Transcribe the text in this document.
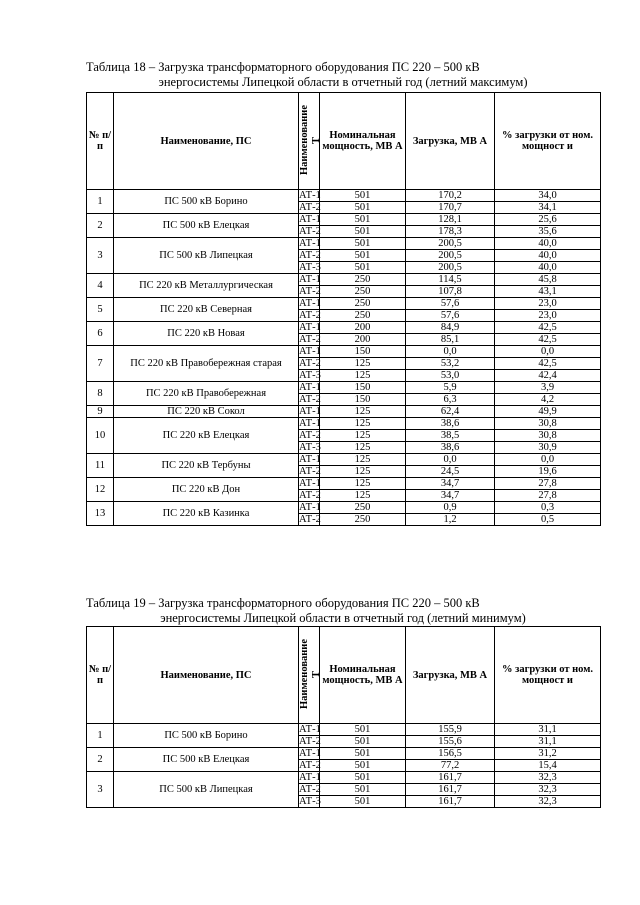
Таблица 18 – Загрузка трансформаторного оборудования ПС 220 – 500 кВ
энергосистемы Липецкой области в отчетный год (летний максимум)
№ п/ п	Наименование, ПС	Наименование Т	Номинальная мощность, МВ А	Загрузка, МВ А	% загрузки от ном. мощност и
1	ПС 500 кВ Борино	АТ-1	501	170,2	34,0
		АТ-2	501	170,7	34,1
2	ПС 500 кВ Елецкая	АТ-1	501	128,1	25,6
		АТ-2	501	178,3	35,6
3	ПС 500 кВ Липецкая	АТ-1	501	200,5	40,0
		АТ-2	501	200,5	40,0
		АТ-3	501	200,5	40,0
4	ПС 220 кВ Металлургическая	АТ-1	250	114,5	45,8
		АТ-2	250	107,8	43,1
5	ПС 220 кВ Северная	АТ-1	250	57,6	23,0
		АТ-2	250	57,6	23,0
6	ПС 220 кВ Новая	АТ-1	200	84,9	42,5
		АТ-2	200	85,1	42,5
7	ПС 220 кВ Правобережная старая	АТ-1	150	0,0	0,0
		АТ-2	125	53,2	42,5
		АТ-3	125	53,0	42,4
8	ПС 220 кВ Правобережная	АТ-1	150	5,9	3,9
		АТ-2	150	6,3	4,2
9	ПС 220 кВ Сокол	АТ-1	125	62,4	49,9
10	ПС 220 кВ Елецкая	АТ-1	125	38,6	30,8
		АТ-2	125	38,5	30,8
		АТ-3	125	38,6	30,9
11	ПС 220 кВ Тербуны	АТ-1	125	0,0	0,0
		АТ-2	125	24,5	19,6
12	ПС 220 кВ Дон	АТ-1	125	34,7	27,8
		АТ-2	125	34,7	27,8
13	ПС 220 кВ Казинка	АТ-1	250	0,9	0,3
		АТ-2	250	1,2	0,5
Таблица 19 – Загрузка трансформаторного оборудования ПС 220 – 500 кВ
энергосистемы Липецкой области в отчетный год (летний минимум)
№ п/ п	Наименование, ПС	Наименование Т	Номинальная мощность, МВ А	Загрузка, МВ А	% загрузки от ном. мощност и
1	ПС 500 кВ Борино	АТ-1	501	155,9	31,1
		АТ-2	501	155,6	31,1
2	ПС 500 кВ Елецкая	АТ-1	501	156,5	31,2
		АТ-2	501	77,2	15,4
3	ПС 500 кВ Липецкая	АТ-1	501	161,7	32,3
		АТ-2	501	161,7	32,3
		АТ-3	501	161,7	32,3
